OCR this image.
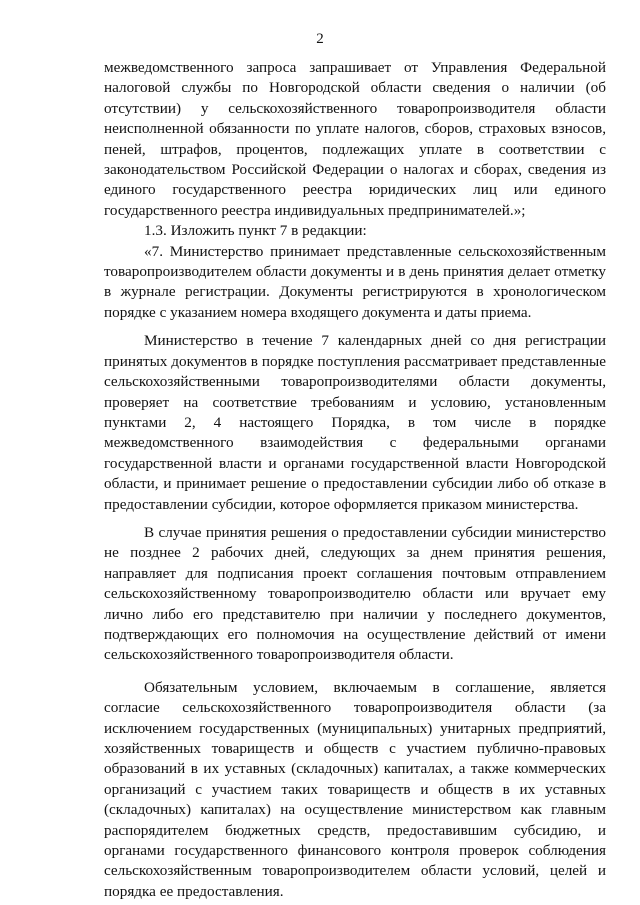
2

межведомственного запроса запрашивает от Управления Федеральной налоговой службы по Новгородской области сведения о наличии (об отсутствии) у сельскохозяйственного товаропроизводителя области неисполненной обязанности по уплате налогов, сборов, страховых взносов, пеней, штрафов, процентов, подлежащих уплате в соответствии с законодательством Российской Федерации о налогах и сборах, сведения из единого государственного реестра юридических лиц или единого государственного реестра индивидуальных предпринимателей.»;

1.3. Изложить пункт 7 в редакции:

«7. Министерство принимает представленные сельскохозяйственным товаропроизводителем области документы и в день принятия делает отметку в журнале регистрации. Документы регистрируются в хронологическом порядке с указанием номера входящего документа и даты приема.

Министерство в течение 7 календарных дней со дня регистрации принятых документов в порядке поступления рассматривает представленные сельскохозяйственными товаропроизводителями области документы, проверяет на соответствие требованиям и условию, установленным пунктами 2, 4 настоящего Порядка, в том числе в порядке межведомственного взаимодействия с федеральными органами государственной власти и органами государственной власти Новгородской области, и принимает решение о предоставлении субсидии либо об отказе в предоставлении субсидии, которое оформляется приказом министерства.

В случае принятия решения о предоставлении субсидии министерство не позднее 2 рабочих дней, следующих за днем принятия решения, направляет для подписания проект соглашения почтовым отправлением сельскохозяйственному товаропроизводителю области или вручает ему лично либо его представителю при наличии у последнего документов, подтверждающих его полномочия на осуществление действий от имени сельскохозяйственного товаропроизводителя области.

Обязательным условием, включаемым в соглашение, является согласие сельскохозяйственного товаропроизводителя области (за исключением государственных (муниципальных) унитарных предприятий, хозяйственных товариществ и обществ с участием публично-правовых образований в их уставных (складочных) капиталах, а также коммерческих организаций с участием таких товариществ и обществ в их уставных (складочных) капиталах) на осуществление министерством как главным распорядителем бюджетных средств, предоставившим субсидию, и органами государственного финансового контроля проверок соблюдения сельскохозяйственным товаропроизводителем области условий, целей и порядка ее предоставления.
